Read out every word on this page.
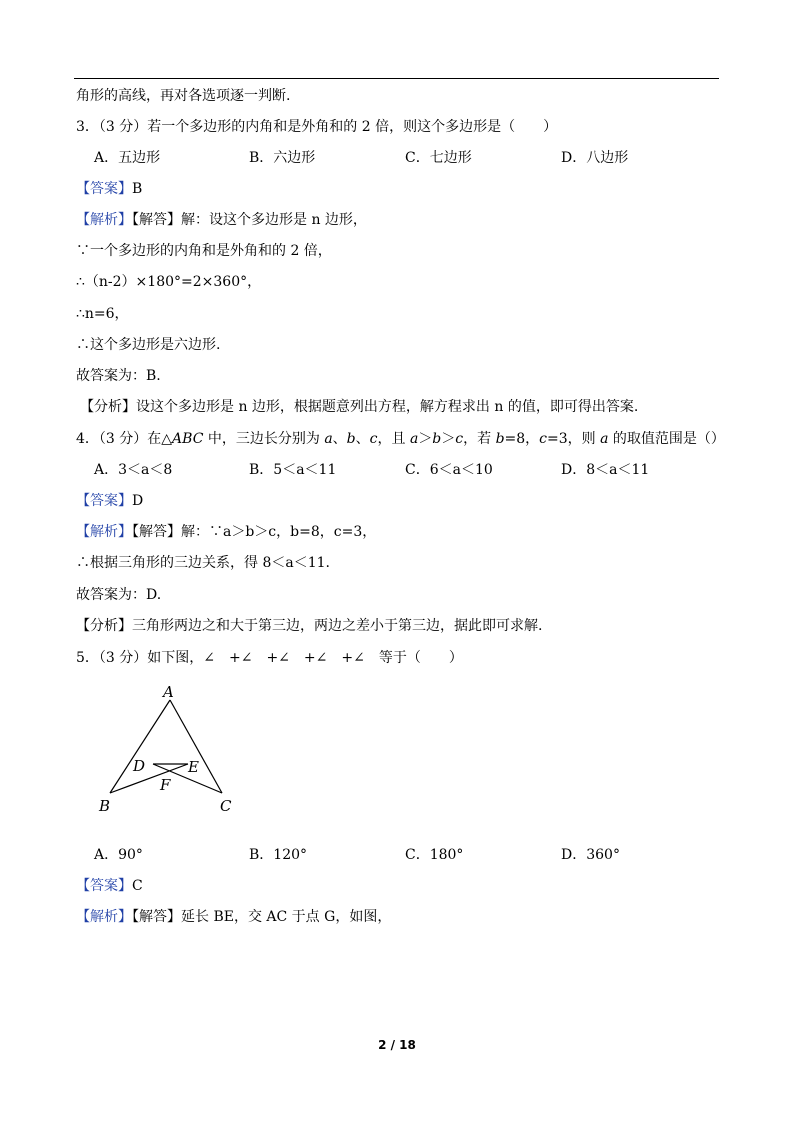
角形的高线，再对各选项逐一判断.
3．（3 分）若一个多边形的内角和是外角和的 2 倍，则这个多边形是（　　）
A．五边形	B．六边形	C．七边形	D．八边形
【答案】B
【解析】【解答】解：设这个多边形是 n 边形，
∵一个多边形的内角和是外角和的 2 倍，
∴（n-2）×180°=2×360°，
∴n=6，
∴这个多边形是六边形.
故答案为：B.
【分析】设这个多边形是 n 边形，根据题意列出方程，解方程求出 n 的值，即可得出答案.
4．（3 分）在△ABC 中，三边长分别为 a、b、c，且 a＞b＞c，若 b=8，c=3，则 a 的取值范围是（）
A．3＜a＜8	B．5＜a＜11	C．6＜a＜10	D．8＜a＜11
【答案】D
【解析】【解答】解：∵a＞b＞c，b=8，c=3，
∴根据三角形的三边关系，得 8＜a＜11.
故答案为：D.
【分析】三角形两边之和大于第三边，两边之差小于第三边，据此即可求解.
5．（3 分）如下图，∠　+∠　+∠　+∠　+∠　等于（　　）
A
B	C
D	E
F
A．90°	B．120°	C．180°	D．360°
【答案】C
【解析】【解答】延长 BE，交 AC 于点 G，如图，
2 / 18
